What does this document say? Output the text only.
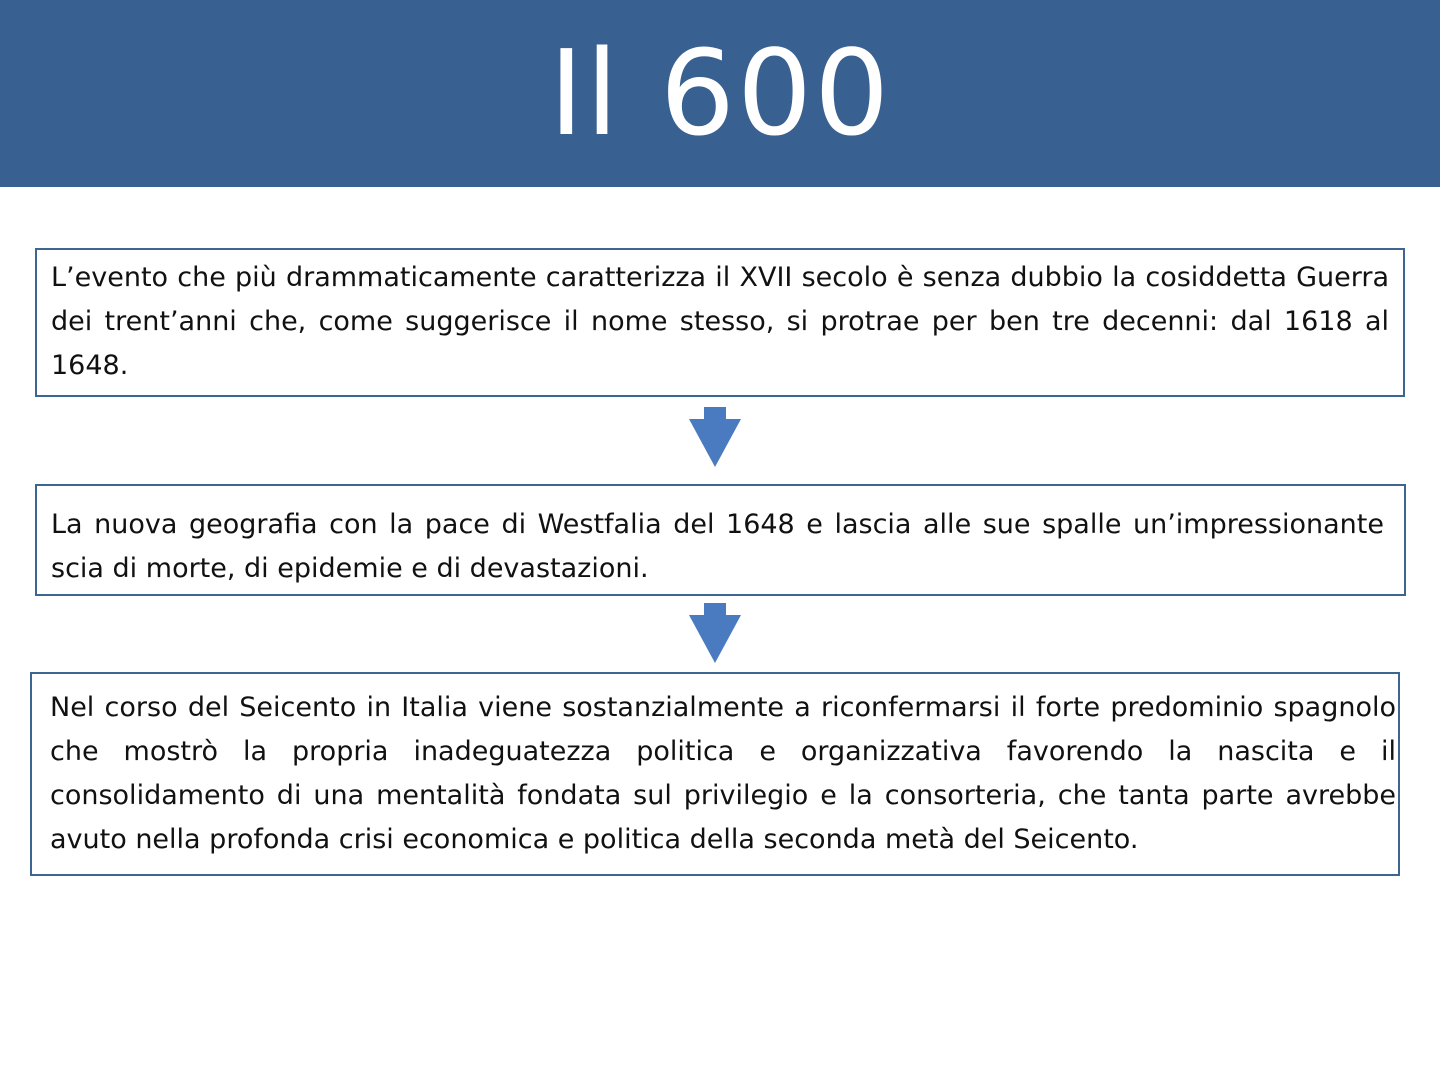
Il 600
L’evento che più drammaticamente caratterizza il XVII secolo è senza dubbio la cosiddetta Guerra dei trent’anni che, come suggerisce il nome stesso, si protrae per ben tre decenni: dal 1618 al 1648.
La nuova geografia con la pace di Westfalia del 1648 e lascia alle sue spalle un’impressionante scia di morte, di epidemie e di devastazioni.
Nel corso del Seicento in Italia viene sostanzialmente a riconfermarsi il forte predominio spagnolo che mostrò la propria inadeguatezza politica e organizzativa favorendo la nascita e il consolidamento di una mentalità fondata sul privilegio e la consorteria, che tanta parte avrebbe avuto nella profonda crisi economica e politica della seconda metà del Seicento.
